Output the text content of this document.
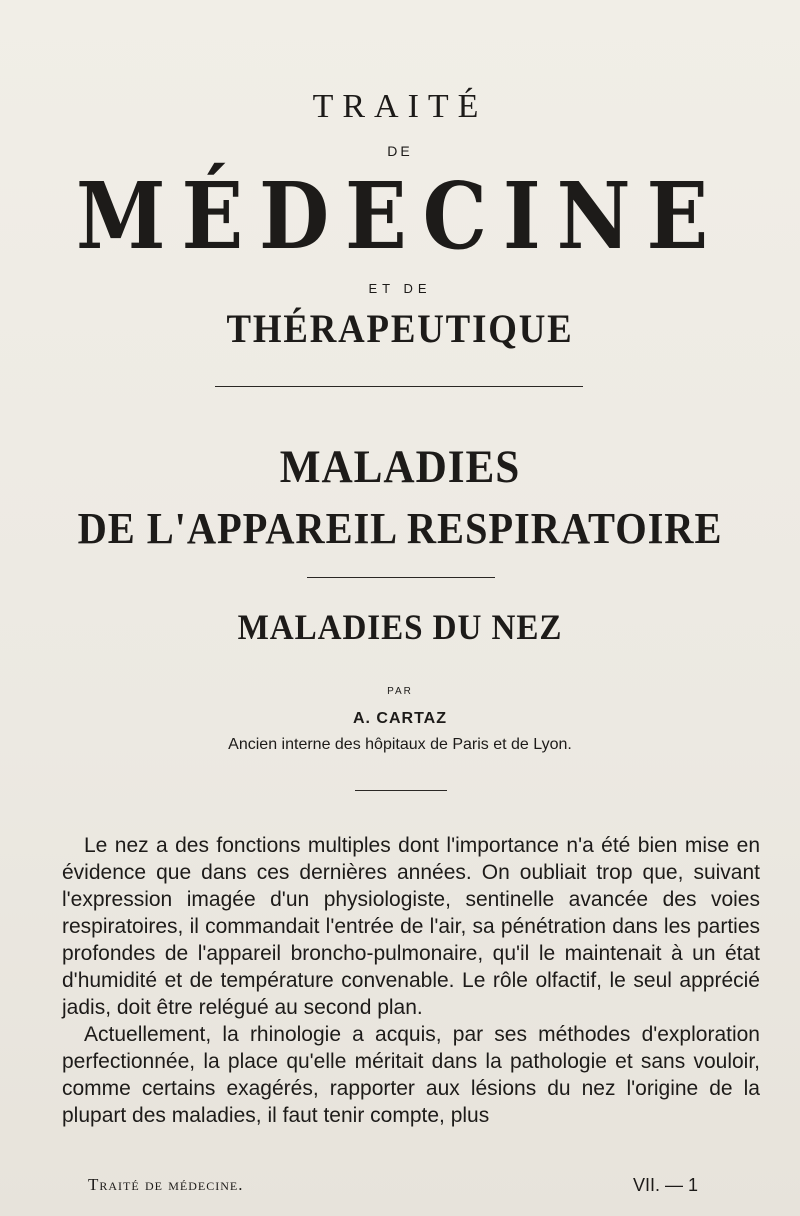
TRAITÉ
DE
MÉDECINE
ET DE
THÉRAPEUTIQUE
MALADIES
DE L'APPAREIL RESPIRATOIRE
MALADIES DU NEZ
PAR
A. CARTAZ
Ancien interne des hôpitaux de Paris et de Lyon.

Le nez a des fonctions multiples dont l'importance n'a été bien mise en évidence que dans ces dernières années. On oubliait trop que, suivant l'expression imagée d'un physiologiste, sentinelle avancée des voies respiratoires, il commandait l'entrée de l'air, sa pénétration dans les parties profondes de l'appareil broncho-pulmonaire, qu'il le maintenait à un état d'humidité et de température convenable. Le rôle olfactif, le seul apprécié jadis, doit être relégué au second plan.

Actuellement, la rhinologie a acquis, par ses méthodes d'exploration perfectionnée, la place qu'elle méritait dans la pathologie et sans vouloir, comme certains exagérés, rapporter aux lésions du nez l'origine de la plupart des maladies, il faut tenir compte, plus

Traité de médecine.	VII. — 1
